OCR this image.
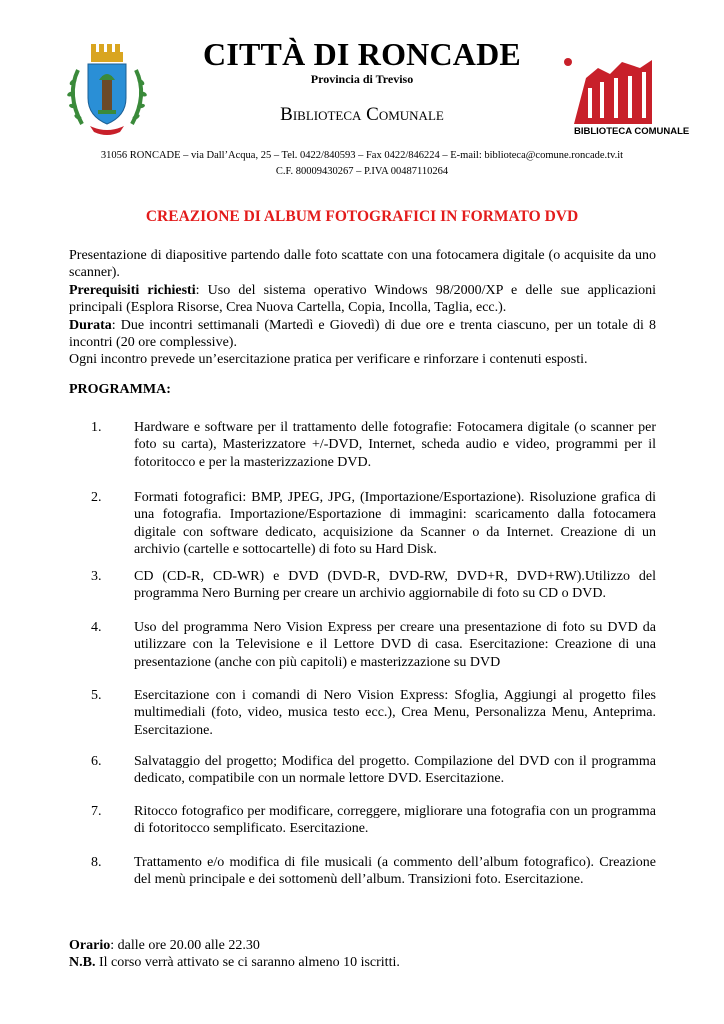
CITTÀ DI RONCADE
Provincia di Treviso
Biblioteca Comunale
31056 RONCADE – via Dall’Acqua, 25 – Tel. 0422/840593 – Fax 0422/846224 – E-mail: biblioteca@comune.roncade.tv.it
C.F. 80009430267 – P.IVA 00487110264
BIBLIOTECA COMUNALE
CREAZIONE DI ALBUM FOTOGRAFICI IN FORMATO DVD

Presentazione di diapositive partendo dalle foto scattate con una fotocamera digitale (o acquisite da uno scanner).

Prerequisiti richiesti: Uso del sistema operativo Windows 98/2000/XP e delle sue applicazioni principali (Esplora Risorse, Crea Nuova Cartella, Copia, Incolla, Taglia, ecc.).

Durata: Due incontri settimanali (Martedì e Giovedì) di due ore e trenta ciascuno, per un totale di 8 incontri (20 ore complessive).

Ogni incontro prevede un’esercitazione pratica per verificare e rinforzare i contenuti esposti.

PROGRAMMA:
1. Hardware e software per il trattamento delle fotografie: Fotocamera digitale (o scanner per foto su carta), Masterizzatore +/-DVD, Internet, scheda audio e video, programmi per il fotoritocco e per la masterizzazione DVD.
2. Formati fotografici: BMP, JPEG, JPG, (Importazione/Esportazione). Risoluzione grafica di una fotografia. Importazione/Esportazione di immagini: scaricamento dalla fotocamera digitale con software dedicato, acquisizione da Scanner o da Internet. Creazione di un archivio (cartelle e sottocartelle) di foto su Hard Disk.
3. CD (CD-R, CD-WR) e DVD (DVD-R, DVD-RW, DVD+R, DVD+RW).Utilizzo del programma Nero Burning per creare un archivio aggiornabile di foto su CD o DVD.
4. Uso del programma Nero Vision Express per creare una presentazione di foto su DVD da utilizzare con la Televisione e il Lettore DVD di casa. Esercitazione: Creazione di una presentazione (anche con più capitoli) e masterizzazione su DVD
5. Esercitazione con i comandi di Nero Vision Express: Sfoglia, Aggiungi al progetto files multimediali (foto, video, musica testo ecc.), Crea Menu, Personalizza Menu, Anteprima. Esercitazione.
6. Salvataggio del progetto; Modifica del progetto. Compilazione del DVD con il programma dedicato, compatibile con un normale lettore DVD. Esercitazione.
7. Ritocco fotografico per modificare, correggere, migliorare una fotografia con un programma di fotoritocco semplificato. Esercitazione.
8. Trattamento e/o modifica di file musicali (a commento dell’album fotografico). Creazione del menù principale e dei sottomenù dell’album. Transizioni foto. Esercitazione.

Orario: dalle ore 20.00 alle 22.30

N.B. Il corso verrà attivato se ci saranno almeno 10 iscritti.
